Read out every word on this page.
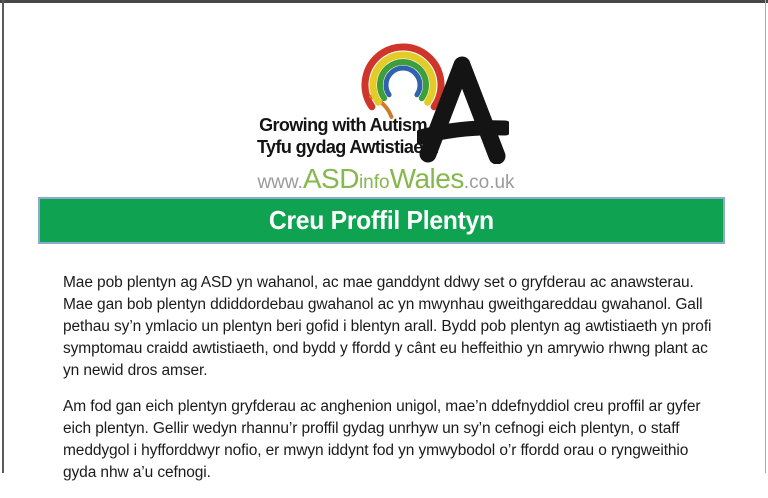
Growing with Autism
Tyfu gydag Awtistiaeth
www.ASDinfoWales.co.uk
Creu Proffil Plentyn

Mae pob plentyn ag ASD yn wahanol, ac mae ganddynt ddwy set o gryfderau ac anawsterau. Mae gan bob plentyn ddiddordebau gwahanol ac yn mwynhau gweithgareddau gwahanol. Gall pethau sy’n ymlacio un plentyn beri gofid i blentyn arall. Bydd pob plentyn ag awtistiaeth yn profi symptomau craidd awtistiaeth, ond bydd y ffordd y cânt eu heffeithio yn amrywio rhwng plant ac yn newid dros amser.

Am fod gan eich plentyn gryfderau ac anghenion unigol, mae’n ddefnyddiol creu proffil ar gyfer eich plentyn. Gellir wedyn rhannu’r proffil gydag unrhyw un sy’n cefnogi eich plentyn, o staff meddygol i hyfforddwyr nofio, er mwyn iddynt fod yn ymwybodol o’r ffordd orau o ryngweithio gyda nhw a’u cefnogi.
